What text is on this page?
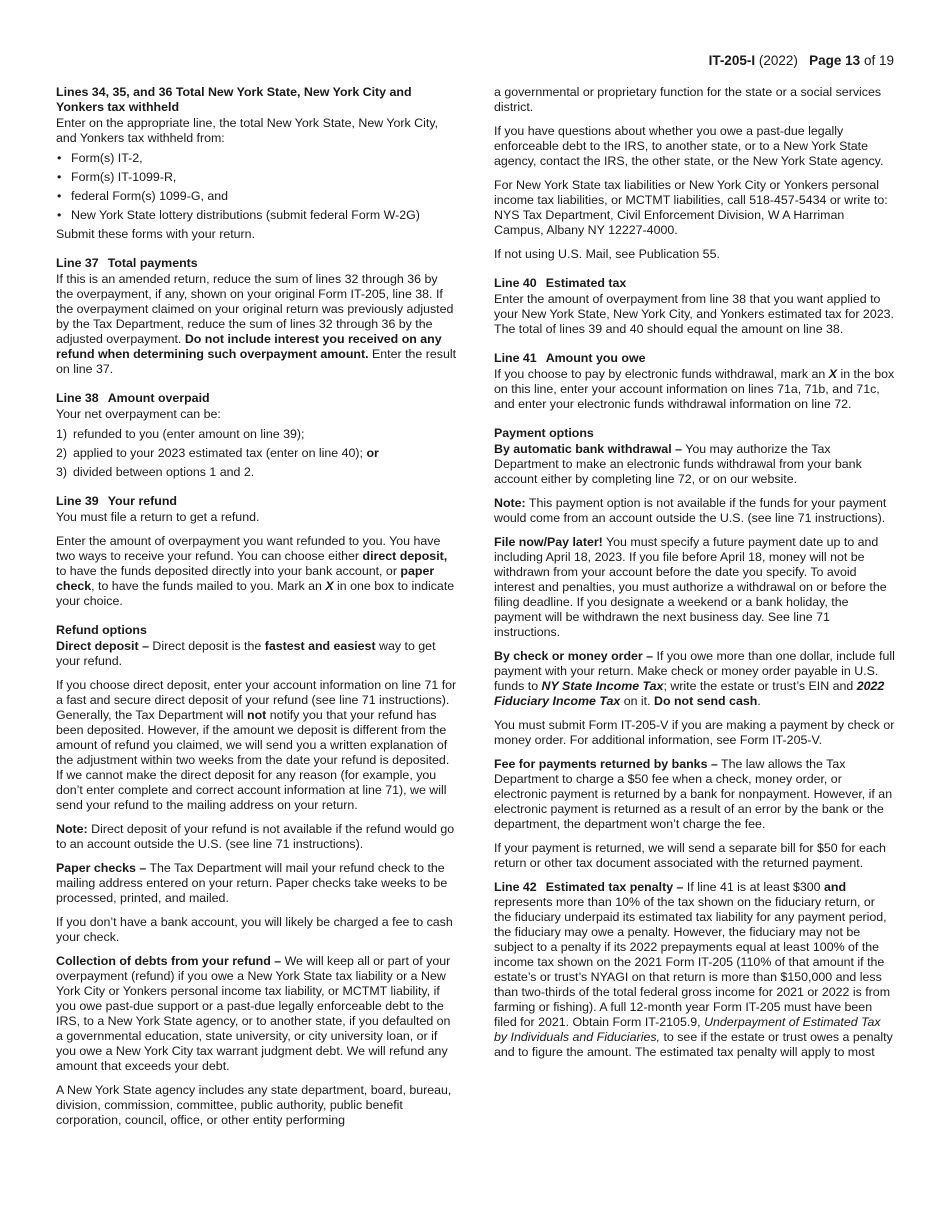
IT-205-I (2022) Page 13 of 19
Lines 34, 35, and 36 Total New York State, New York City and Yonkers tax withheld

Enter on the appropriate line, the total New York State, New York City, and Yonkers tax withheld from:

• Form(s) IT-2,
• Form(s) IT-1099-R,
• federal Form(s) 1099-G, and
• New York State lottery distributions (submit federal Form W-2G)

Submit these forms with your return.

Line 37 Total payments

If this is an amended return, reduce the sum of lines 32 through 36 by the overpayment, if any, shown on your original Form IT-205, line 38. If the overpayment claimed on your original return was previously adjusted by the Tax Department, reduce the sum of lines 32 through 36 by the adjusted overpayment. Do not include interest you received on any refund when determining such overpayment amount. Enter the result on line 37.

Line 38 Amount overpaid

Your net overpayment can be:

1) refunded to you (enter amount on line 39);
2) applied to your 2023 estimated tax (enter on line 40); or
3) divided between options 1 and 2.
Line 39 Your refund

You must file a return to get a refund.

Enter the amount of overpayment you want refunded to you. You have two ways to receive your refund. You can choose either direct deposit, to have the funds deposited directly into your bank account, or paper check, to have the funds mailed to you. Mark an X in one box to indicate your choice.

Refund options

Direct deposit – Direct deposit is the fastest and easiest way to get your refund.

If you choose direct deposit, enter your account information on line 71 for a fast and secure direct deposit of your refund (see line 71 instructions). Generally, the Tax Department will not notify you that your refund has been deposited. However, if the amount we deposit is different from the amount of refund you claimed, we will send you a written explanation of the adjustment within two weeks from the date your refund is deposited. If we cannot make the direct deposit for any reason (for example, you don’t enter complete and correct account information at line 71), we will send your refund to the mailing address on your return.

Note: Direct deposit of your refund is not available if the refund would go to an account outside the U.S. (see line 71 instructions).

Paper checks – The Tax Department will mail your refund check to the mailing address entered on your return. Paper checks take weeks to be processed, printed, and mailed.

If you don’t have a bank account, you will likely be charged a fee to cash your check.

Collection of debts from your refund – We will keep all or part of your overpayment (refund) if you owe a New York State tax liability or a New York City or Yonkers personal income tax liability, or MCTMT liability, if you owe past-due support or a past-due legally enforceable debt to the IRS, to a New York State agency, or to another state, if you defaulted on a governmental education, state university, or city university loan, or if you owe a New York City tax warrant judgment debt. We will refund any amount that exceeds your debt.

A New York State agency includes any state department, board, bureau, division, commission, committee, public authority, public benefit corporation, council, office, or other entity performing

a governmental or proprietary function for the state or a social services district.

If you have questions about whether you owe a past-due legally enforceable debt to the IRS, to another state, or to a New York State agency, contact the IRS, the other state, or the New York State agency.

For New York State tax liabilities or New York City or Yonkers personal income tax liabilities, or MCTMT liabilities, call 518-457-5434 or write to: NYS Tax Department, Civil Enforcement Division, W A Harriman Campus, Albany NY 12227-4000.

If not using U.S. Mail, see Publication 55.

Line 40 Estimated tax

Enter the amount of overpayment from line 38 that you want applied to your New York State, New York City, and Yonkers estimated tax for 2023. The total of lines 39 and 40 should equal the amount on line 38.

Line 41 Amount you owe

If you choose to pay by electronic funds withdrawal, mark an X in the box on this line, enter your account information on lines 71a, 71b, and 71c, and enter your electronic funds withdrawal information on line 72.

Payment options

By automatic bank withdrawal – You may authorize the Tax Department to make an electronic funds withdrawal from your bank account either by completing line 72, or on our website.

Note: This payment option is not available if the funds for your payment would come from an account outside the U.S. (see line 71 instructions).

File now/Pay later! You must specify a future payment date up to and including April 18, 2023. If you file before April 18, money will not be withdrawn from your account before the date you specify. To avoid interest and penalties, you must authorize a withdrawal on or before the filing deadline. If you designate a weekend or a bank holiday, the payment will be withdrawn the next business day. See line 71 instructions.

By check or money order – If you owe more than one dollar, include full payment with your return. Make check or money order payable in U.S. funds to NY State Income Tax; write the estate or trust’s EIN and 2022 Fiduciary Income Tax on it. Do not send cash.

You must submit Form IT-205-V if you are making a payment by check or money order. For additional information, see Form IT-205-V.

Fee for payments returned by banks – The law allows the Tax Department to charge a $50 fee when a check, money order, or electronic payment is returned by a bank for nonpayment. However, if an electronic payment is returned as a result of an error by the bank or the department, the department won’t charge the fee.

If your payment is returned, we will send a separate bill for $50 for each return or other tax document associated with the returned payment.

Line 42 Estimated tax penalty – If line 41 is at least $300 and represents more than 10% of the tax shown on the fiduciary return, or the fiduciary underpaid its estimated tax liability for any payment period, the fiduciary may owe a penalty. However, the fiduciary may not be subject to a penalty if its 2022 prepayments equal at least 100% of the income tax shown on the 2021 Form IT-205 (110% of that amount if the estate’s or trust’s NYAGI on that return is more than $150,000 and less than two-thirds of the total federal gross income for 2021 or 2022 is from farming or fishing). A full 12-month year Form IT-205 must have been filed for 2021. Obtain Form IT-2105.9, Underpayment of Estimated Tax by Individuals and Fiduciaries, to see if the estate or trust owes a penalty and to figure the amount. The estimated tax penalty will apply to most
